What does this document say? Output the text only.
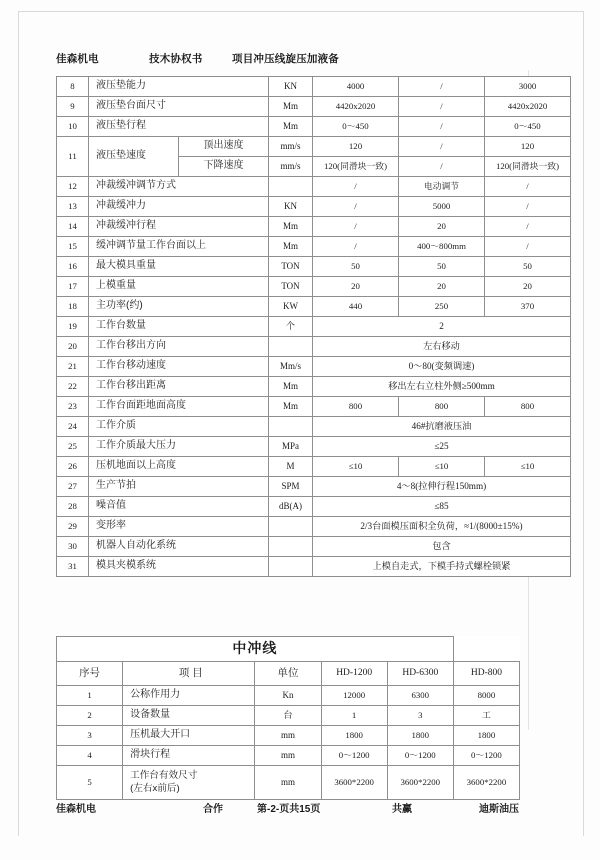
佳森机电	技木协权书	项目冲压线旋压加液备
8	液压垫能力		KN	4000	/	3000
9	液压垫台面尺寸		Mm	4420x2020	/	4420x2020
10	液压垫行程		Mm	0～450	/	0～450
11	液压垫速度	顶出速度	mm/s	120	/	120
		下降速度	mm/s	120(同滑块一致)	/	120(同滑块一致)
12	冲裁缓冲调节方式			/	电动调节	/
13	冲裁缓冲力		KN	/	5000	/
14	冲裁缓冲行程		Mm	/	20	/
15	缓冲调节量工作台面以上		Mm	/	400～800mm	/
16	最大模具重量		TON	50	50	50
17	上模重量		TON	20	20	20
18	主功率(约)		KW	440	250	370
19	工作台数量		个	2		
20	工作台移出方向			左右移动		
21	工作台移动速度		Mm/s	0～80(变频调速)		
22	工作台移出距离		Mm	移出左右立柱外侧≥500mm		
23	工作台面距地面高度		Mm	800	800	800
24	工作介质			46#抗磨液压油		
25	工作介质最大压力		MPa	≤25		
26	压机地面以上高度		M	≤10	≤10	≤10
27	生产节拍		SPM	4～8(拉伸行程150mm)		
28	噪音值		dB(A)	≤85		
29	变形率			2/3台面模压面积全负荷，≈1/(8000±15%)		
30	机器人自动化系统			包含		
31	模具夹模系统			上模自走式，下模手持式螺栓锁紧		
中冲线					
序号	项 目	单位	HD-1200	HD-6300	HD-800
1	公称作用力	Kn	12000	6300	8000
2	设备数量	台	1	3	工
3	压机最大开口	mm	1800	1800	1800
4	滑块行程	mm	0～1200	0～1200	0～1200
5	工作台有效尺寸
(左右x前后)	mm	3600*2200	3600*2200	3600*2200
佳森机电	合作	第-2-页共15页	共赢	迪斯油压
